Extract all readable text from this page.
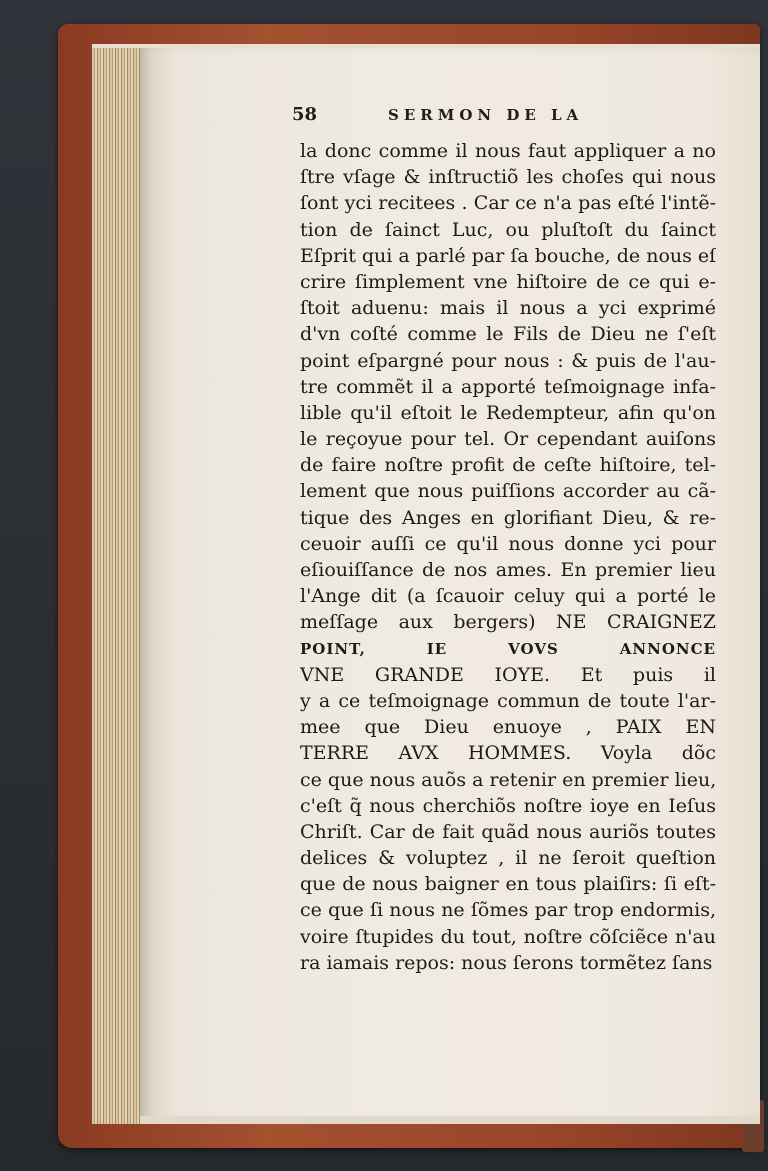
58	SERMON DE LA
la donc comme il nous faut appliquer a no
ſtre vſage & inſtructiõ les choſes qui nous
ſont yci recitees . Car ce n'a pas eſté l'intẽ-
tion de ſainct Luc, ou pluſtoſt du ſainct
Eſprit qui a parlé par ſa bouche, de nous eſ
crire ſimplement vne hiſtoire de ce qui e-
ſtoit aduenu: mais il nous a yci exprimé
d'vn coſté comme le Fils de Dieu ne ſ'eſt
point eſpargné pour nous : & puis de l'au-
tre commẽt il a apporté teſmoignage infa-
lible qu'il eſtoit le Redempteur, afin qu'on
le reçoyue pour tel. Or cependant auiſons
de faire noſtre profit de ceſte hiſtoire, tel-
lement que nous puiſſions accorder au cã-
tique des Anges en glorifiant Dieu, & re-
ceuoir auſſi ce qu'il nous donne yci pour
eſiouiſſance de nos ames. En premier lieu
l'Ange dit (a ſcauoir celuy qui a porté le
meſſage aux bergers) NE CRAIGNEZ
POINT, IE VOVS ANNONCE
VNE GRANDE IOYE. Et puis il
y a ce teſmoignage commun de toute l'ar-
mee que Dieu enuoye , PAIX EN
TERRE AVX HOMMES. Voyla dõc
ce que nous auõs a retenir en premier lieu,
c'eſt q̃ nous cherchiõs noſtre ioye en Ieſus
Chriſt. Car de fait quãd nous auriõs toutes
delices & voluptez , il ne ſeroit queſtion
que de nous baigner en tous plaiſirs: ſi eſt-
ce que ſi nous ne ſõmes par trop endormis,
voire ſtupides du tout, noſtre cõſciẽce n'au
ra iamais repos: nous ſerons tormẽtez ſans
